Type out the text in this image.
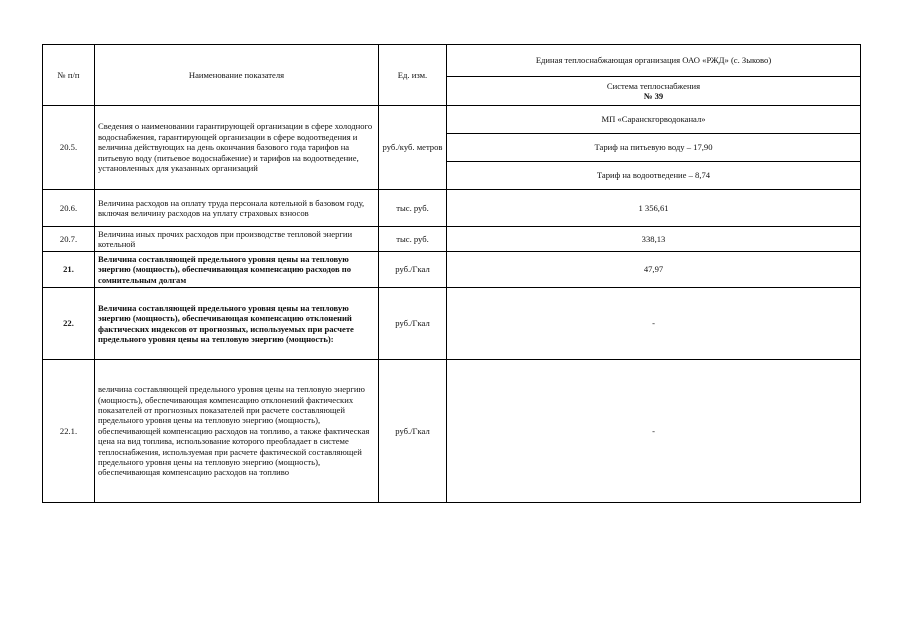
№ п/п	Наименование показателя	Ед. изм.	Единая теплоснабжающая организация ОАО «РЖД» (с. Зыково)

			Система теплоснабжения
№ 39

20.5.	Сведения о наименовании гарантирующей организации в сфере холодного водоснабжения, гарантирующей организации в сфере водоотведения и величина действующих на день окончания базового года тарифов на питьевую воду (питьевое водоснабжение) и тарифов на водоотведение, установленных для указанных организаций	руб./куб. метров	МП «Саранскгорводоканал»
			Тариф на питьевую воду – 17,90
			Тариф на водоотведение – 8,74
20.6.	Величина расходов на оплату труда персонала котельной в базовом году, включая величину расходов на уплату страховых взносов	тыс. руб.	1 356,61
20.7.	Величина иных прочих расходов при производстве тепловой энергии котельной	тыс. руб.	338,13
21.	Величина составляющей предельного уровня цены на тепловую энергию (мощность), обеспечивающая компенсацию расходов по сомнительным долгам	руб./Гкал	47,97
22.	Величина составляющей предельного уровня цены на тепловую энергию (мощность), обеспечивающая компенсацию отклонений фактических индексов от прогнозных, используемых при расчете предельного уровня цены на тепловую энергию (мощность):	руб./Гкал	-
22.1.	величина составляющей предельного уровня цены на тепловую энергию (мощность), обеспечивающая компенсацию отклонений фактических показателей от прогнозных показателей при расчете составляющей предельного уровня цены на тепловую энергию (мощность), обеспечивающей компенсацию расходов на топливо, а также фактическая цена на вид топлива, использование которого преобладает в системе теплоснабжения, используемая при расчете фактической составляющей предельного уровня цены на тепловую энергию (мощность), обеспечивающая компенсацию расходов на топливо	руб./Гкал	-
